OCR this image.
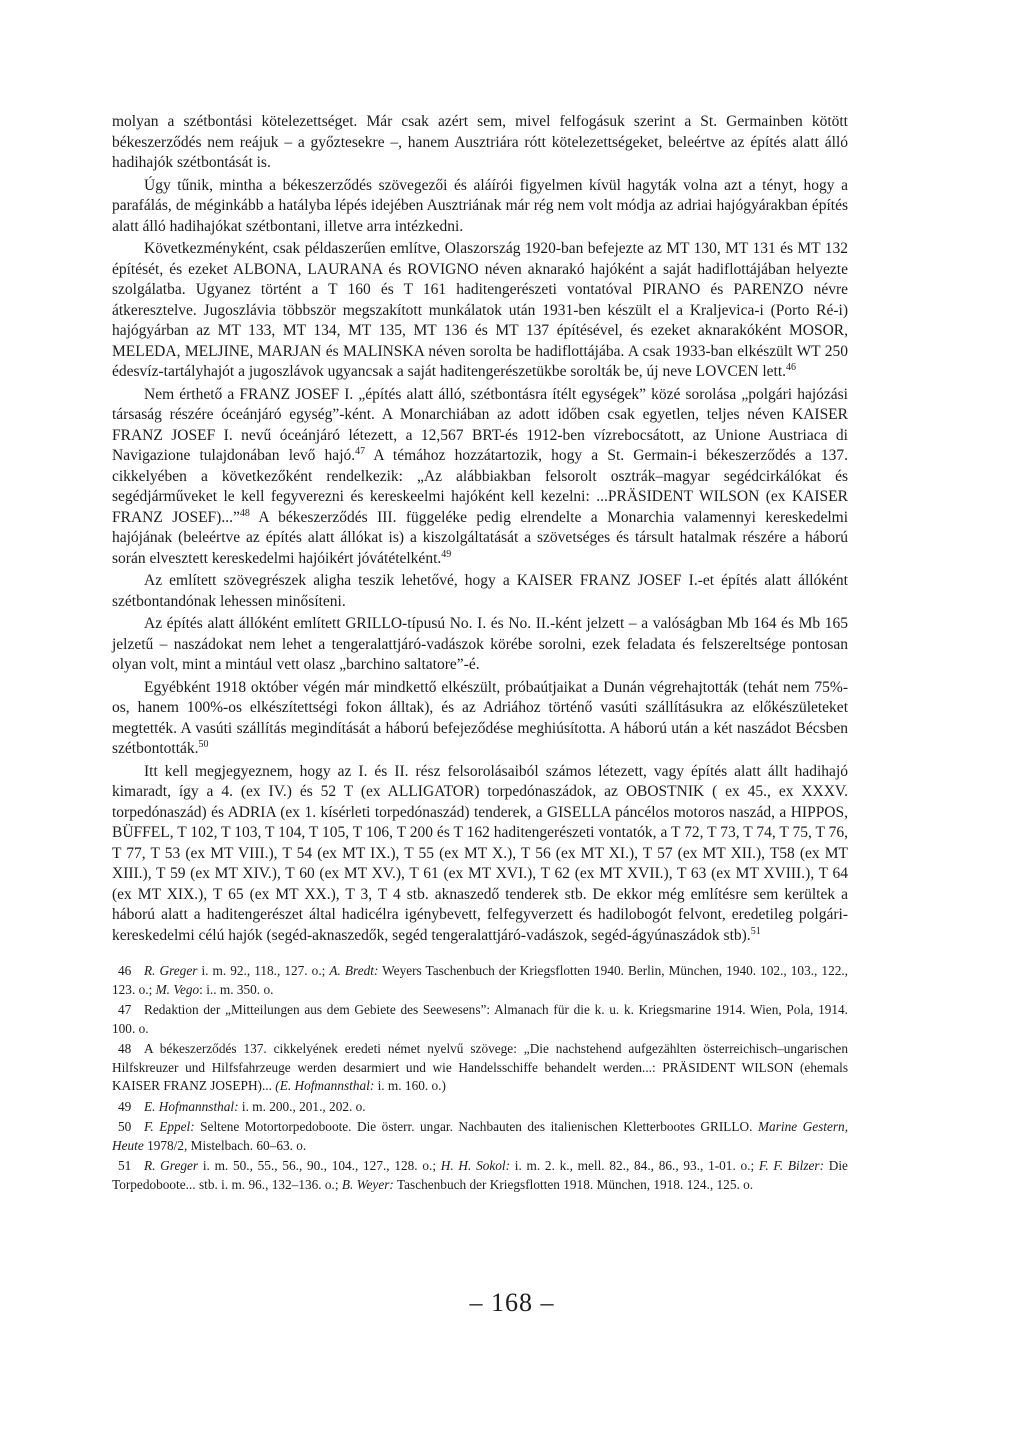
molyan a szétbontási kötelezettséget. Már csak azért sem, mivel felfogásuk szerint a St. Germainben kötött békeszerződés nem reájuk – a győztesekre –, hanem Ausztriára rótt kötelezettségeket, beleértve az építés alatt álló hadihajók szétbontását is.

Úgy tűnik, mintha a békeszerződés szövegezői és aláírói figyelmen kívül hagyták volna azt a tényt, hogy a parafálás, de méginkább a hatályba lépés idejében Ausztriának már rég nem volt módja az adriai hajógyárakban építés alatt álló hadihajókat szétbontani, illetve arra intézkedni.

Következményként, csak példaszerűen említve, Olaszország 1920-ban befejezte az MT 130, MT 131 és MT 132 építését, és ezeket ALBONA, LAURANA és ROVIGNO néven aknarakó hajóként a saját hadiflottájában helyezte szolgálatba. Ugyanez történt a T 160 és T 161 haditengerészeti vontatóval PIRANO és PARENZO névre átkeresztelve. Jugoszlávia többször megszakított munkálatok után 1931-ben készült el a Kraljevica-i (Porto Ré-i) hajógyárban az MT 133, MT 134, MT 135, MT 136 és MT 137 építésével, és ezeket aknarakóként MOSOR, MELEDA, MELJINE, MARJAN és MALINSKA néven sorolta be hadiflottájába. A csak 1933-ban elkészült WT 250 édesvíz-tartályhajót a jugoszlávok ugyancsak a saját haditengerészetükbe sorolták be, új neve LOVCEN lett.$^{46}$

Nem érthető a FRANZ JOSEF I. „építés alatt álló, szétbontásra ítélt egységek” közé sorolása „polgári hajózási társaság részére óceánjáró egység”-ként. A Monarchiában az adott időben csak egyetlen, teljes néven KAISER FRANZ JOSEF I. nevű óceánjáró létezett, a 12,567 BRT-és 1912-ben vízrebocsátott, az Unione Austriaca di Navigazione tulajdonában levő hajó.$^{47}$ A témához hozzátartozik, hogy a St. Germain-i békeszerződés a 137. cikkelyében a következőként rendelkezik: „Az alábbiakban felsorolt osztrák–magyar segédcirkálókat és segédjárműveket le kell fegyverezni és kereskeelmi hajóként kell kezelni: ...PRÄSIDENT WILSON (ex KAISER FRANZ JOSEF)...”$^{48}$ A békeszerződés III. függeléke pedig elrendelte a Monarchia valamennyi kereskedelmi hajójának (beleértve az építés alatt állókat is) a kiszolgáltatását a szövetséges és társult hatalmak részére a háború során elvesztett kereskedelmi hajóikért jóvátételként.$^{49}$

Az említett szövegrészek aligha teszik lehetővé, hogy a KAISER FRANZ JOSEF I.-et építés alatt állóként szétbontandónak lehessen minősíteni.

Az építés alatt állóként említett GRILLO-típusú No. I. és No. II.-ként jelzett – a valóságban Mb 164 és Mb 165 jelzetű – naszádokat nem lehet a tengeralattjáró-vadászok körébe sorolni, ezek feladata és felszereltsége pontosan olyan volt, mint a mintául vett olasz „barchino saltatore”-é.

Egyébként 1918 október végén már mindkettő elkészült, próbaútjaikat a Dunán végrehajtották (tehát nem 75%-os, hanem 100%-os elkészítettségi fokon álltak), és az Adriához történő vasúti szállításukra az előkészületeket megtették. A vasúti szállítás megindítását a háború befejeződése meghiúsította. A háború után a két naszádot Bécsben szétbontották.$^{50}$

Itt kell megjegyeznem, hogy az I. és II. rész felsorolásaiból számos létezett, vagy építés alatt állt hadihajó kimaradt, így a 4. (ex IV.) és 52 T (ex ALLIGATOR) torpedónaszádok, az OBOSTNIK ( ex 45., ex XXXV. torpedónaszád) és ADRIA (ex 1. kísérleti torpedónaszád) tenderek, a GISELLA páncélos motoros naszád, a HIPPOS, BÜFFEL, T 102, T 103, T 104, T 105, T 106, T 200 és T 162 haditengerészeti vontatók, a T 72, T 73, T 74, T 75, T 76, T 77, T 53 (ex MT VIII.), T 54 (ex MT IX.), T 55 (ex MT X.), T 56 (ex MT XI.), T 57 (ex MT XII.), T58 (ex MT XIII.), T 59 (ex MT XIV.), T 60 (ex MT XV.), T 61 (ex MT XVI.), T 62 (ex MT XVII.), T 63 (ex MT XVIII.), T 64 (ex MT XIX.), T 65 (ex MT XX.), T 3, T 4 stb. aknaszedő tenderek stb. De ekkor még említésre sem kerültek a háború alatt a haditengerészet által hadicélra igénybevett, felfegyverzett és hadilobogót felvont, eredetileg polgári-kereskedelmi célú hajók (segéd-aknaszedők, segéd tengeralattjáró-vadászok, segéd-ágyúnaszádok stb).$^{51}$

46 R. Greger i. m. 92., 118., 127. o.; A. Bredt: Weyers Taschenbuch der Kriegsflotten 1940. Berlin, München, 1940. 102., 103., 122., 123. o.; M. Vego: i.. m. 350. o.

47 Redaktion der „Mitteilungen aus dem Gebiete des Seewesens”: Almanach für die k. u. k. Kriegsmarine 1914. Wien, Pola, 1914. 100. o.

48 A békeszerződés 137. cikkelyének eredeti német nyelvű szövege: „Die nachstehend aufgezählten österreichisch–ungarischen Hilfskreuzer und Hilfsfahrzeuge werden desarmiert und wie Handelsschiffe behandelt werden...: PRÄSIDENT WILSON (ehemals KAISER FRANZ JOSEPH)... (E. Hofmannsthal: i. m. 160. o.)

49 E. Hofmannsthal: i. m. 200., 201., 202. o.

50 F. Eppel: Seltene Motortorpedoboote. Die österr. ungar. Nachbauten des italienischen Kletterbootes GRILLO. Marine Gestern, Heute 1978/2, Mistelbach. 60–63. o.

51 R. Greger i. m. 50., 55., 56., 90., 104., 127., 128. o.; H. H. Sokol: i. m. 2. k., mell. 82., 84., 86., 93., 1-01. o.; F. F. Bilzer: Die Torpedoboote... stb. i. m. 96., 132–136. o.; B. Weyer: Taschenbuch der Kriegsflotten 1918. München, 1918. 124., 125. o.

– 168 –
